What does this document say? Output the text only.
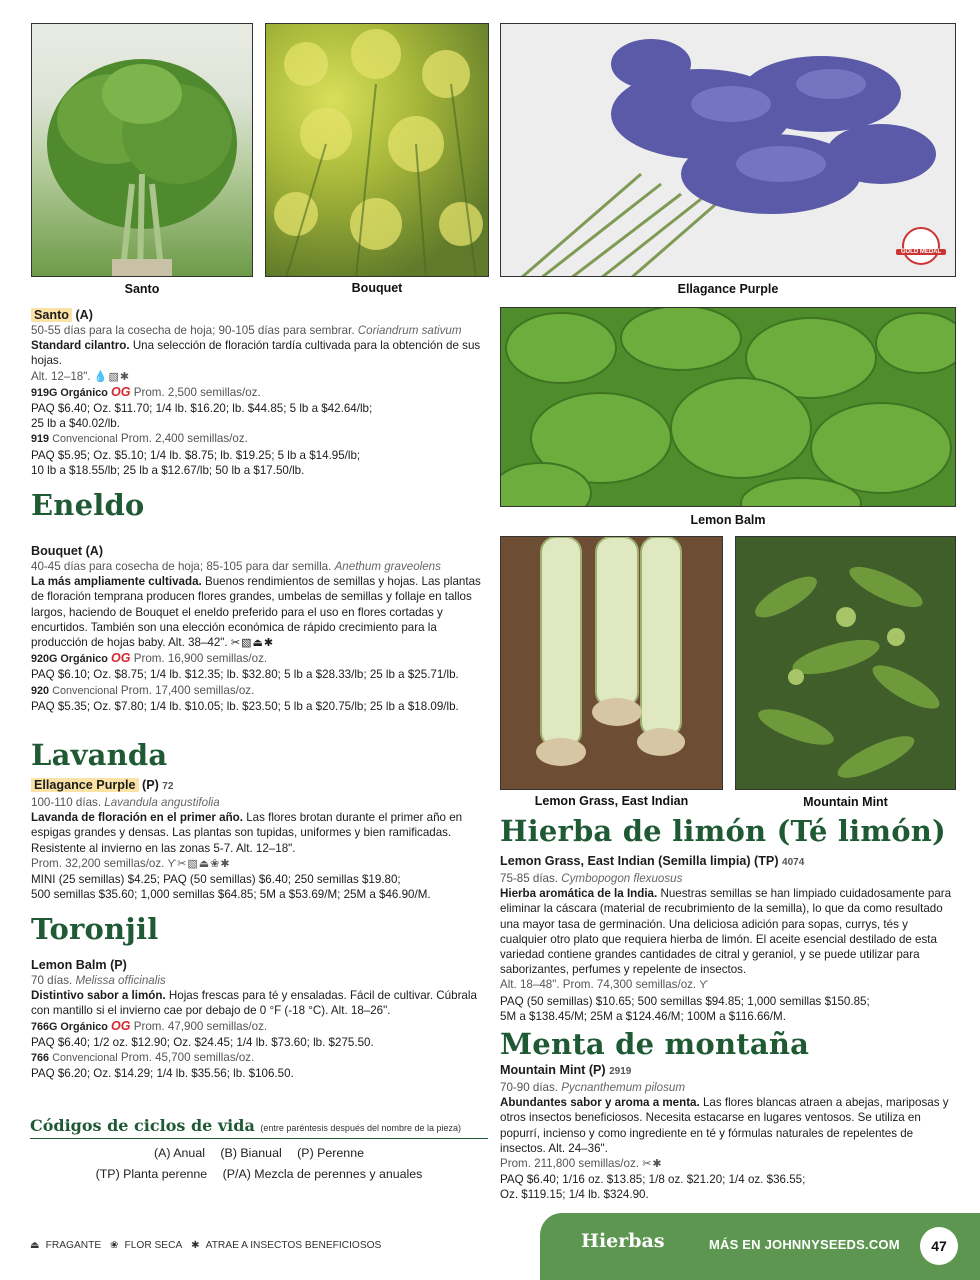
Santo	Bouquet
GOLD MEDAL
Ellagance Purple
Lemon Balm
Lemon Grass, East Indian	Mountain Mint

Santo (A)

50-55 días para la cosecha de hoja; 90-105 días para sembrar. Coriandrum sativum

Standard cilantro. Una selección de floración tardía cultivada para la obtención de sus hojas.

Alt. 12–18". 💧▧✱

919G Orgánico OG Prom. 2,500 semillas/oz.

PAQ $6.40; Oz. $11.70; 1/4 lb. $16.20; lb. $44.85; 5 lb a $42.64/lb;

25 lb a $40.02/lb.

919 Convencional Prom. 2,400 semillas/oz.

PAQ $5.95; Oz. $5.10; 1/4 lb. $8.75; lb. $19.25; 5 lb a $14.95/lb;

10 lb a $18.55/lb; 25 lb a $12.67/lb; 50 lb a $17.50/lb.

Eneldo

Bouquet (A)

40-45 días para cosecha de hoja; 85-105 para dar semilla. Anethum graveolens

La más ampliamente cultivada. Buenos rendimientos de semillas y hojas. Las plantas de floración temprana producen flores grandes, umbelas de semillas y follaje en tallos largos, haciendo de Bouquet el eneldo preferido para el uso en flores cortadas y encurtidos. También son una elección económica de rápido crecimiento para la producción de hojas baby. Alt. 38–42". ✂▧⏏✱

920G Orgánico OG Prom. 16,900 semillas/oz.

PAQ $6.10; Oz. $8.75; 1/4 lb. $12.35; lb. $32.80; 5 lb a $28.33/lb; 25 lb a $25.71/lb.

920 Convencional Prom. 17,400 semillas/oz.

PAQ $5.35; Oz. $7.80; 1/4 lb. $10.05; lb. $23.50; 5 lb a $20.75/lb; 25 lb a $18.09/lb.

Lavanda

Ellagance Purple (P) 72

100-110 días. Lavandula angustifolia

Lavanda de floración en el primer año. Las flores brotan durante el primer año en espigas grandes y densas. Las plantas son tupidas, uniformes y bien ramificadas. Resistente al invierno en las zonas 5-7. Alt. 12–18".

Prom. 32,200 semillas/oz. ϒ✂▧⏏❀✱

MINI (25 semillas) $4.25; PAQ (50 semillas) $6.40; 250 semillas $19.80;

500 semillas $35.60; 1,000 semillas $64.85; 5M a $53.69/M; 25M a $46.90/M.

Toronjil

Lemon Balm (P)

70 días. Melissa officinalis

Distintivo sabor a limón. Hojas frescas para té y ensaladas. Fácil de cultivar. Cúbrala con mantillo si el invierno cae por debajo de 0 °F (-18 °C). Alt. 18–26".

766G Orgánico OG Prom. 47,900 semillas/oz.

PAQ $6.40; 1/2 oz. $12.90; Oz. $24.45; 1/4 lb. $73.60; lb. $275.50.

766 Convencional Prom. 45,700 semillas/oz.

PAQ $6.20; Oz. $14.29; 1/4 lb. $35.56; lb. $106.50.

Códigos de ciclos de vida (entre paréntesis después del nombre de la pieza)
(A) Anual (B) Bianual (P) Perenne
(TP) Planta perenne (P/A) Mezcla de perennes y anuales
⏏ FRAGANTE ❀ FLOR SECA ✱ ATRAE A INSECTOS BENEFICIOSOS
Hierba de limón (Té limón)

Lemon Grass, East Indian (Semilla limpia) (TP) 4074

75-85 días. Cymbopogon flexuosus

Hierba aromática de la India. Nuestras semillas se han limpiado cuidadosamente para eliminar la cáscara (material de recubrimiento de la semilla), lo que da como resultado una mayor tasa de germinación. Una deliciosa adición para sopas, currys, tés y cualquier otro plato que requiera hierba de limón. El aceite esencial destilado de esta variedad contiene grandes cantidades de citral y geraniol, y se puede utilizar para saborizantes, perfumes y repelente de insectos.

Alt. 18–48". Prom. 74,300 semillas/oz. ϒ

PAQ (50 semillas) $10.65; 500 semillas $94.85; 1,000 semillas $150.85;

5M a $138.45/M; 25M a $124.46/M; 100M a $116.66/M.

Menta de montaña

Mountain Mint (P) 2919

70-90 días. Pycnanthemum pilosum

Abundantes sabor y aroma a menta. Las flores blancas atraen a abejas, mariposas y otros insectos beneficiosos. Necesita estacarse en lugares ventosos. Se utiliza en popurrí, incienso y como ingrediente en té y fórmulas naturales de repelentes de insectos. Alt. 24–36".

Prom. 211,800 semillas/oz. ✂✱

PAQ $6.40; 1/16 oz. $13.85; 1/8 oz. $21.20; 1/4 oz. $36.55;

Oz. $119.15; 1/4 lb. $324.90.

Hierbas	MÁS EN JOHNNYSEEDS.COM	47
